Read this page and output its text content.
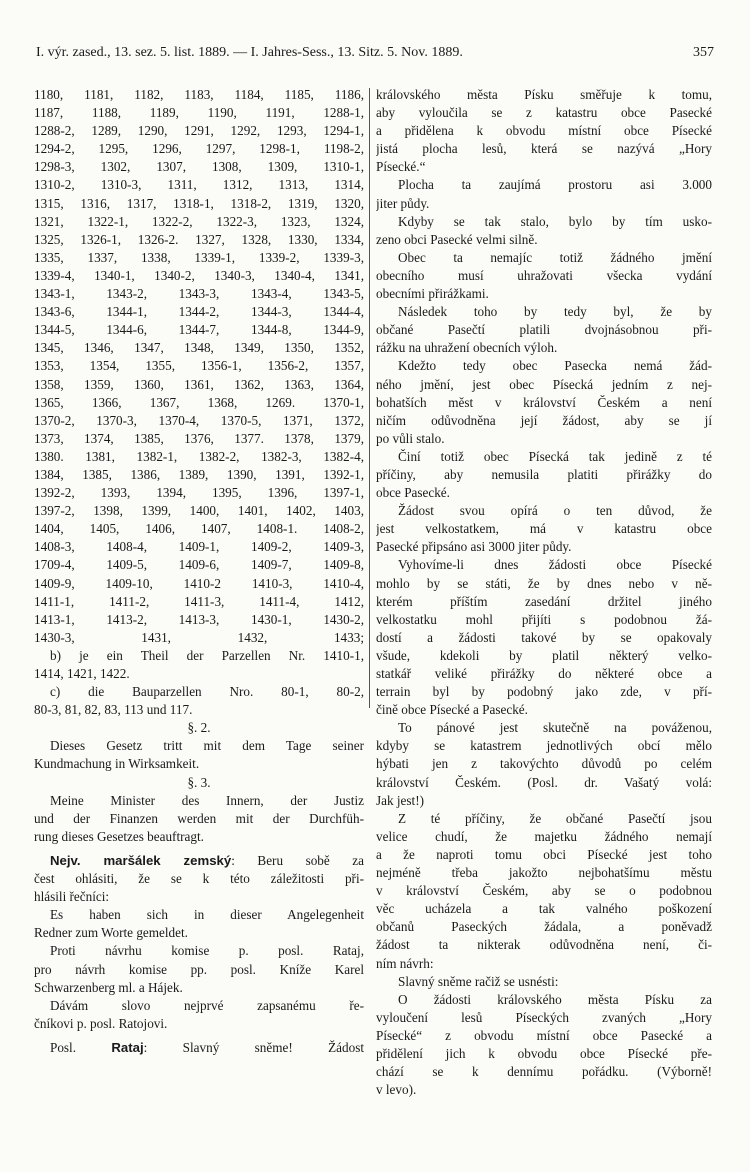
I. výr. zased., 13. sez. 5. list. 1889. — I. Jahres-Sess., 13. Sitz. 5. Nov. 1889.	357
1180, 1181, 1182, 1183, 1184, 1185, 1186,
1187, 1188, 1189, 1190, 1191, 1288-1,
1288-2, 1289, 1290, 1291, 1292, 1293, 1294-1,
1294-2, 1295, 1296, 1297, 1298-1, 1198-2,
1298-3, 1302, 1307, 1308, 1309, 1310-1,
1310-2, 1310-3, 1311, 1312, 1313, 1314,
1315, 1316, 1317, 1318-1, 1318-2, 1319, 1320,
1321, 1322-1, 1322-2, 1322-3, 1323, 1324,
1325, 1326-1, 1326-2. 1327, 1328, 1330, 1334,
1335, 1337, 1338, 1339-1, 1339-2, 1339-3,
1339-4, 1340-1, 1340-2, 1340-3, 1340-4, 1341,
1343-1, 1343-2, 1343-3, 1343-4, 1343-5,
1343-6, 1344-1, 1344-2, 1344-3, 1344-4,
1344-5, 1344-6, 1344-7, 1344-8, 1344-9,
1345, 1346, 1347, 1348, 1349, 1350, 1352,
1353, 1354, 1355, 1356-1, 1356-2, 1357,
1358, 1359, 1360, 1361, 1362, 1363, 1364,
1365, 1366, 1367, 1368, 1269. 1370-1,
1370-2, 1370-3, 1370-4, 1370-5, 1371, 1372,
1373, 1374, 1385, 1376, 1377. 1378, 1379,
1380. 1381, 1382-1, 1382-2, 1382-3, 1382-4,
1384, 1385, 1386, 1389, 1390, 1391, 1392-1,
1392-2, 1393, 1394, 1395, 1396, 1397-1,
1397-2, 1398, 1399, 1400, 1401, 1402, 1403,
1404, 1405, 1406, 1407, 1408-1. 1408-2,
1408-3, 1408-4, 1409-1, 1409-2, 1409-3,
1709-4, 1409-5, 1409-6, 1409-7, 1409-8,
1409-9, 1409-10, 1410-2 1410-3, 1410-4,
1411-1, 1411-2, 1411-3, 1411-4, 1412,
1413-1, 1413-2, 1413-3, 1430-1, 1430-2,
1430-3, 1431, 1432, 1433;
b) je ein Theil der Parzellen Nr. 1410-1,
1414, 1421, 1422.
c) die Bauparzellen Nro. 80-1, 80-2,
80-3, 81, 82, 83, 113 und 117.
§. 2.
Dieses Gesetz tritt mit dem Tage seiner
Kundmachung in Wirksamkeit.
§. 3.
Meine Minister des Innern, der Justiz
und der Finanzen werden mit der Durchfüh-
rung dieses Gesetzes beauftragt.
Nejv. maršálek zemský: Beru sobě za
čest ohlásiti, že se k této záležitosti při-
hlásili řečníci:
Es haben sich in dieser Angelegenheit
Redner zum Worte gemeldet.
Proti návrhu komise p. posl. Rataj,
pro návrh komise pp. posl. Kníže Karel
Schwarzenberg ml. a Hájek.
Dávám slovo nejprvé zapsanému ře-
čníkovi p. posl. Ratojovi.
Posl.	Rataj: Slavný sněme! Žádost
královského města Písku směřuje k tomu,
aby vyloučila se z katastru obce Pasecké
a přidělena k obvodu místní obce Písecké
jistá plocha lesů, která se nazývá „Hory
Písecké.“
Plocha ta zaujímá prostoru asi 3.000
jiter půdy.
Kdyby se tak stalo, bylo by tím usko-
zeno obci Pasecké velmi silně.
Obec ta nemajíc totiž žádného jmění
obecního musí uhražovati všecka vydání
obecními přirážkami.
Následek toho by tedy byl, že by
občané Pasečtí platili dvojnásobnou při-
rážku na uhražení obecních výloh.
Kdežto tedy obec Pasecka nemá žád-
ného jmění, jest obec Písecká jedním z nej-
bohatších měst v království Českém a není
ničím odůvodněna její žádost, aby se jí
po vůli stalo.
Činí totiž obec Písecká tak jedině z té
příčiny, aby nemusila platiti přirážky do
obce Pasecké.
Žádost svou opírá o ten důvod, že
jest velkostatkem, má v katastru obce
Pasecké připsáno asi 3000 jiter půdy.
Vyhovíme-li dnes žádosti obce Písecké
mohlo by se státi, že by dnes nebo v ně-
kterém příštím zasedání držitel jiného
velkostatku mohl přijíti s podobnou žá-
dostí a žádosti takové by se opakovaly
všude, kdekoli by platil některý velko-
statkář veliké přirážky do některé obce a
terrain byl by podobný jako zde, v pří-
čině obce Písecké a Pasecké.
To pánové jest skutečně na pováženou,
kdyby se katastrem jednotlivých obcí mělo
hýbati jen z takovýchto důvodů po celém
království Českém. (Posl. dr. Vašatý volá:
Jak jest!)
Z té příčiny, že občané Pasečtí jsou
velice chudí, že majetku žádného nemají
a že naproti tomu obci Písecké jest toho
nejméně třeba jakožto nejbohatšímu městu
v království Českém, aby se o podobnou
věc ucházela a tak valného poškození
občanů Paseckých žádala, a poněvadž
žádost ta nikterak odůvodněna není, či-
ním návrh:
Slavný sněme račiž se usnésti:
O žádosti královského města Písku za
vyloučení lesů Píseckých zvaných „Hory
Písecké“ z obvodu místní obce Pasecké a
přidělení jich k obvodu obce Písecké pře-
chází se k dennímu pořádku. (Výborně!
v levo).
